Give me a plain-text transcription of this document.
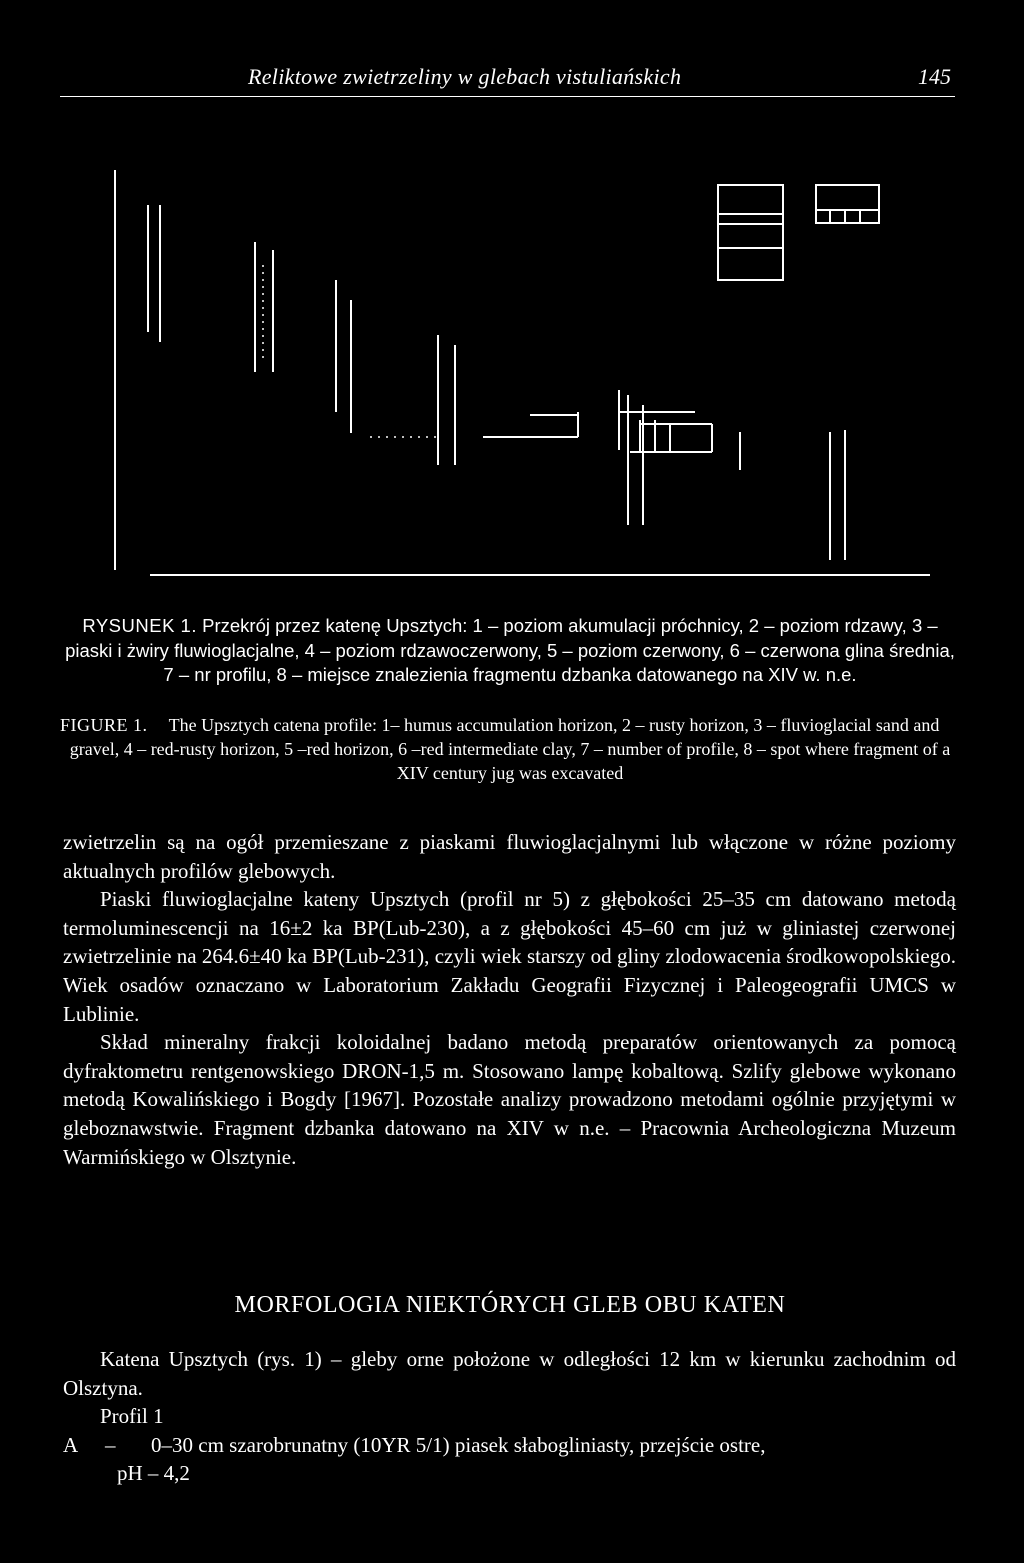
Reliktowe zwietrzeliny w glebach vistuliańskich	145
RYSUNEK 1. Przekrój przez katenę Upsztych: 1 – poziom akumulacji próchnicy, 2 – poziom rdzawy, 3 – piaski i żwiry fluwioglacjalne, 4 – poziom rdzawoczerwony, 5 – poziom czerwony, 6 – czerwona glina średnia, 7 – nr profilu, 8 – miejsce znalezienia fragmentu dzbanka datowanego na XIV w. n.e.
FIGURE 1.	The Upsztych catena profile: 1– humus accumulation horizon, 2 – rusty horizon, 3 – fluvioglacial sand and gravel, 4 – red-rusty horizon, 5 –red horizon, 6 –red intermediate clay, 7 – number of profile, 8 – spot where fragment of a XIV century jug was excavated

zwietrzelin są na ogół przemieszane z piaskami fluwioglacjalnymi lub włączone w różne poziomy aktualnych profilów glebowych.

Piaski fluwioglacjalne kateny Upsztych (profil nr 5) z głębokości 25–35 cm datowano metodą termoluminescencji na 16±2 ka BP(Lub-230), a z głębokości 45–60 cm już w gliniastej czerwonej zwietrzelinie na 264.6±40 ka BP(Lub-231), czyli wiek starszy od gliny zlodowacenia środkowopolskiego. Wiek osadów oznaczano w Laboratorium Zakładu Geografii Fizycznej i Paleogeografii UMCS w Lublinie.

Skład mineralny frakcji koloidalnej badano metodą preparatów orientowanych za pomocą dyfraktometru rentgenowskiego DRON-1,5 m. Stosowano lampę kobaltową. Szlify glebowe wykonano metodą Kowalińskiego i Bogdy [1967]. Pozostałe analizy prowadzono metodami ogólnie przyjętymi w gleboznawstwie. Fragment dzbanka datowano na XIV w n.e. – Pracownia Archeologiczna Muzeum Warmińskiego w Olsztynie.

MORFOLOGIA NIEKTÓRYCH GLEB OBU KATEN

Katena Upsztych (rys. 1) – gleby orne położone w odległości 12 km w kierunku zachodnim od Olsztyna.

Profil 1

A –	0–30 cm szarobrunatny (10YR 5/1) piasek słabogliniasty, przejście ostre,
pH – 4,2
